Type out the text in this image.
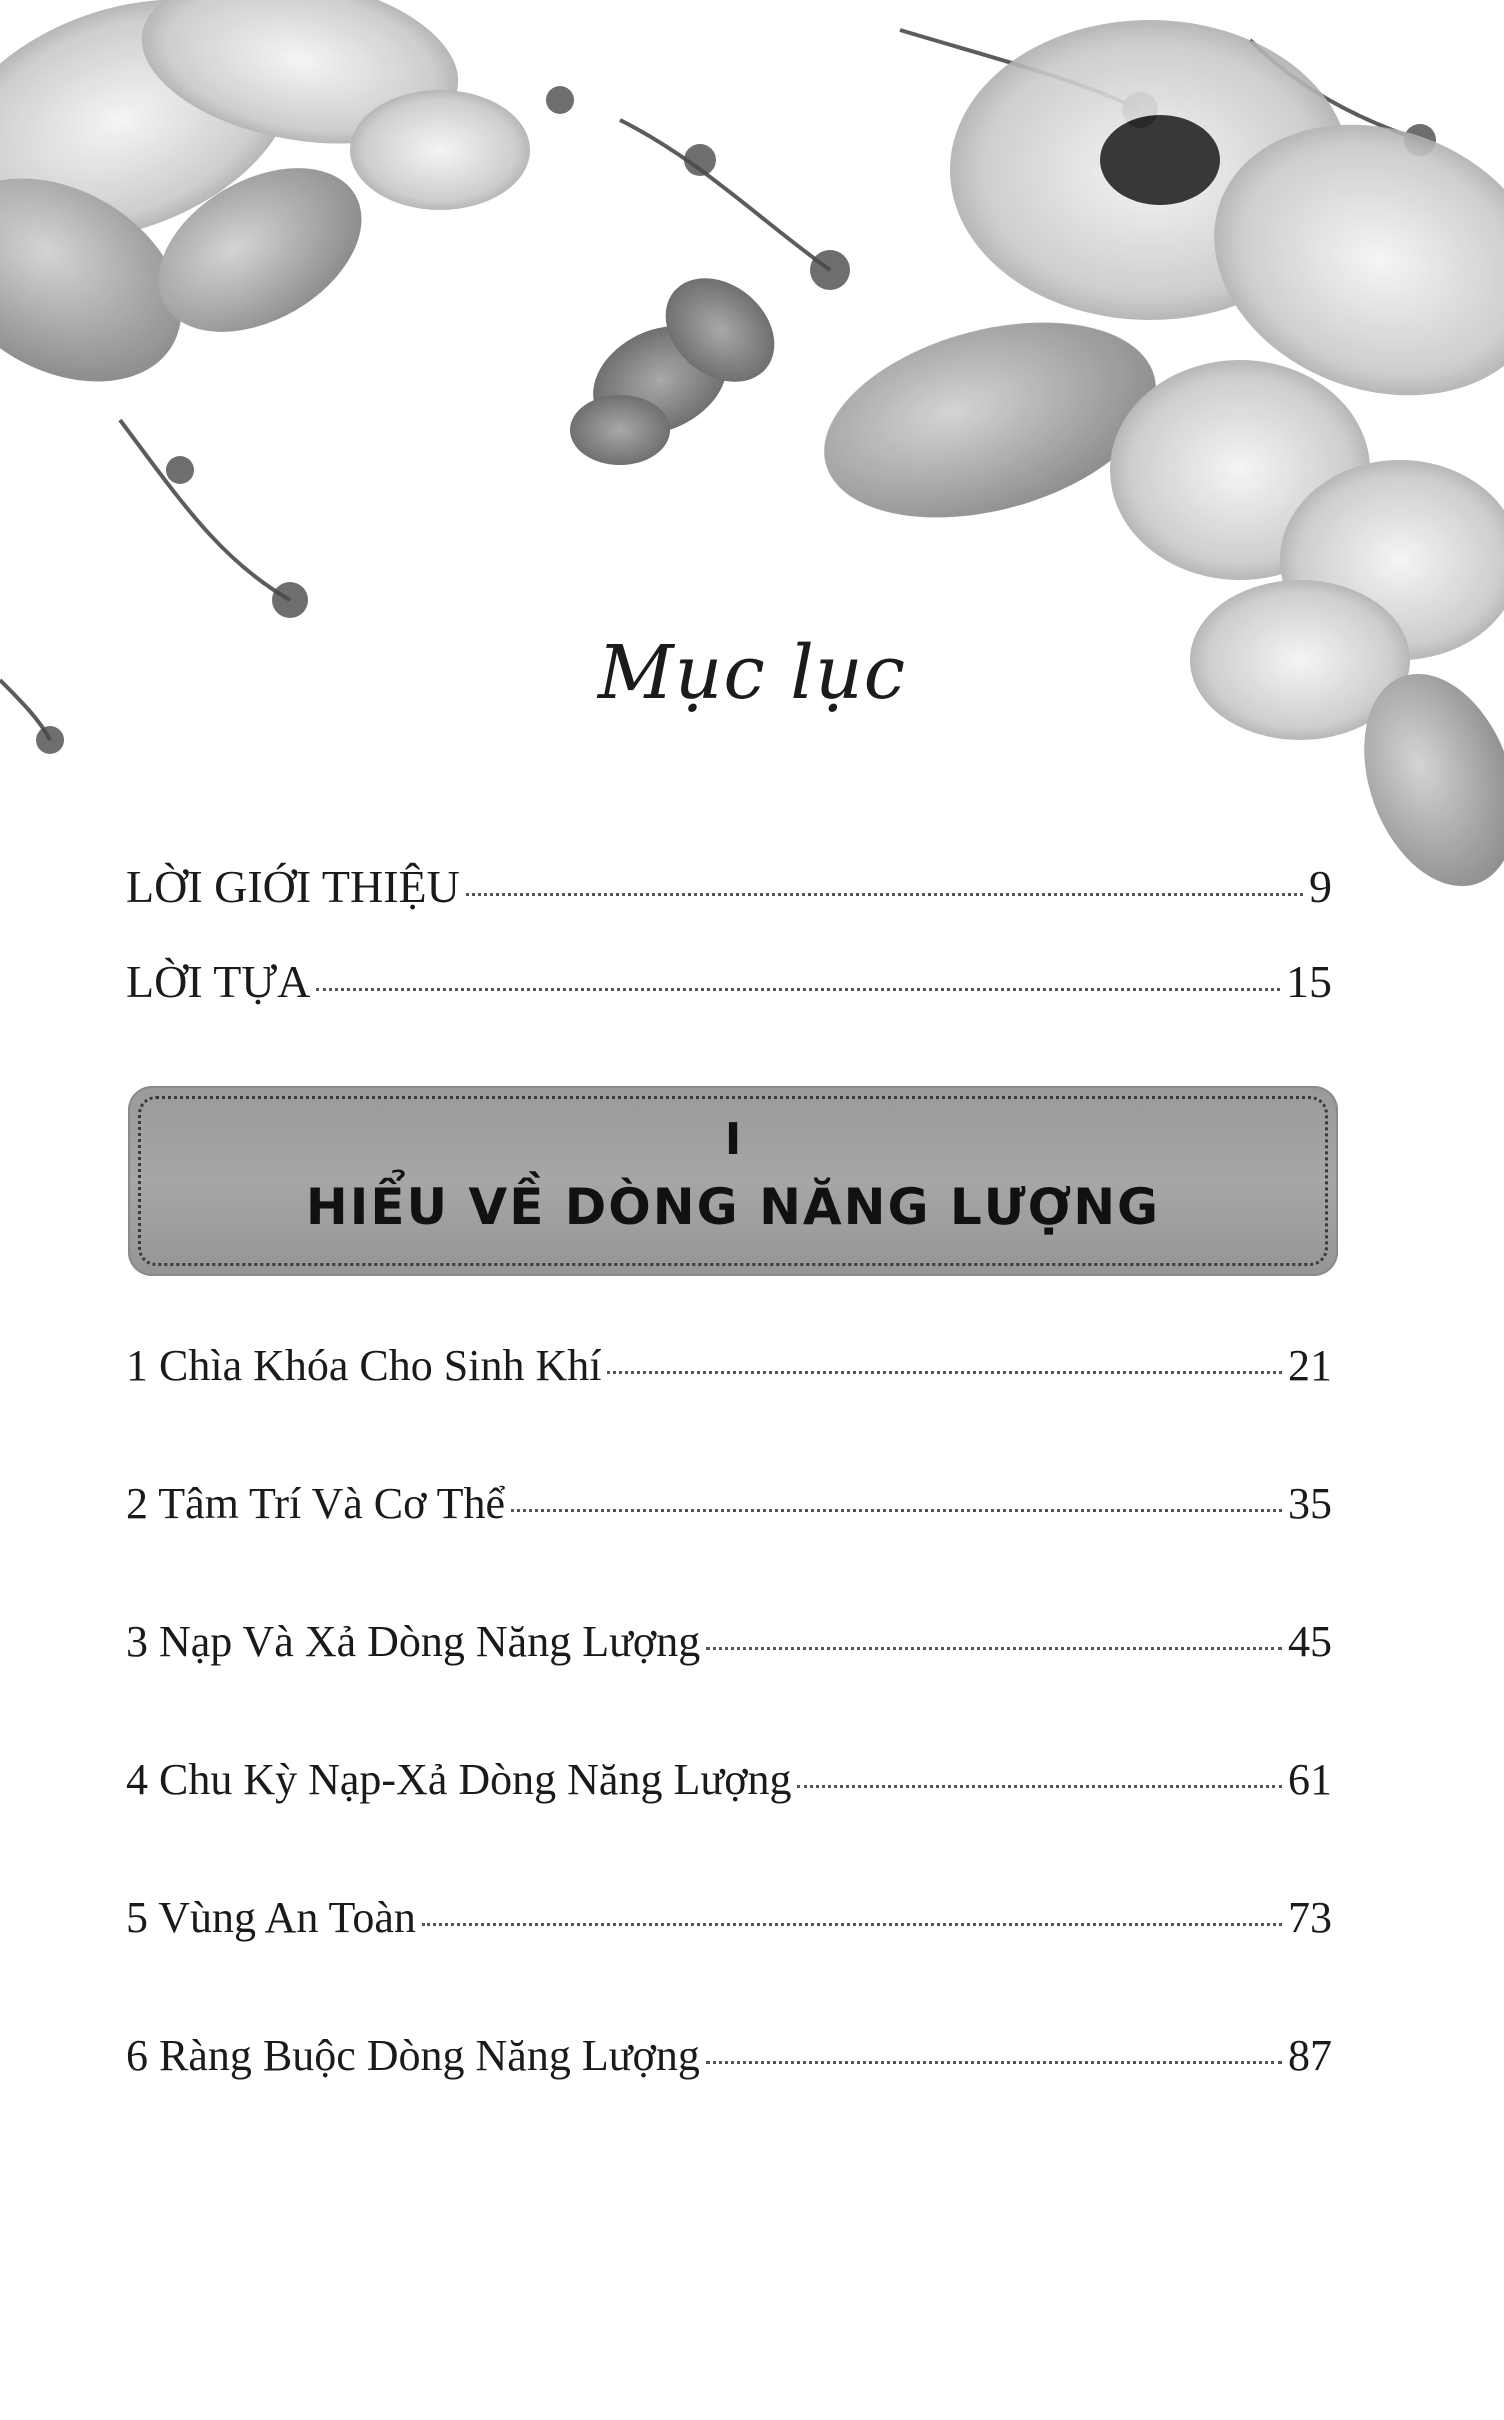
Mục lục
LỜI GIỚI THIỆU	9
LỜI TỰA	15
I
HIỂU VỀ DÒNG NĂNG LƯỢNG
1 Chìa Khóa Cho Sinh Khí	21
2 Tâm Trí Và Cơ Thể	35
3 Nạp Và Xả Dòng Năng Lượng	45
4 Chu Kỳ Nạp-Xả Dòng Năng Lượng	61
5 Vùng An Toàn	73
6 Ràng Buộc Dòng Năng Lượng	87
